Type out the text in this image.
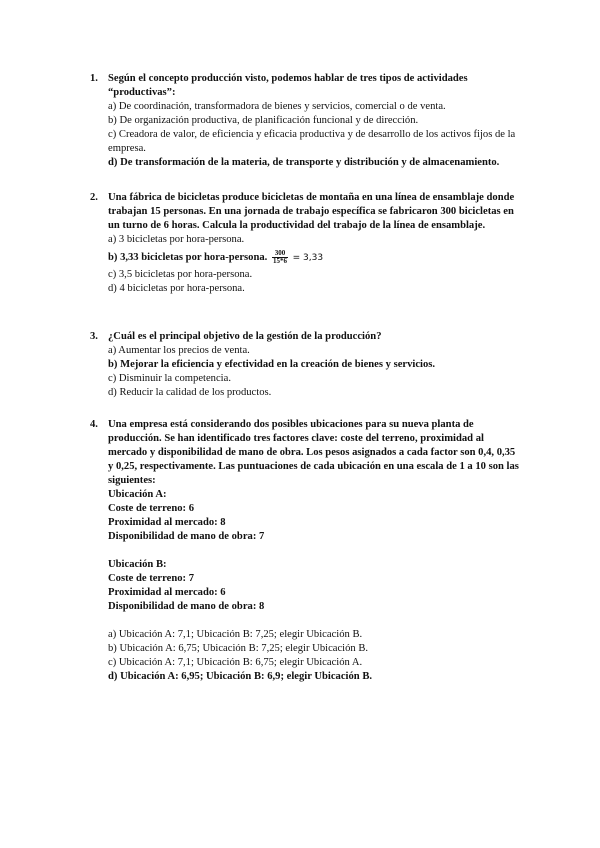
1. Según el concepto producción visto, podemos hablar de tres tipos de actividades “productivas”:
a) De coordinación, transformadora de bienes y servicios, comercial o de venta.
b) De organización productiva, de planificación funcional y de dirección.
c) Creadora de valor, de eficiencia y eficacia productiva y de desarrollo de los activos fijos de la empresa.
d) De transformación de la materia, de transporte y distribución y de almacenamiento.
2. Una fábrica de bicicletas produce bicicletas de montaña en una línea de ensamblaje donde trabajan 15 personas. En una jornada de trabajo específica se fabricaron 300 bicicletas en un turno de 6 horas. Calcula la productividad del trabajo de la línea de ensamblaje.
a) 3 bicicletas por hora-persona.
b) 3,33 bicicletas por hora-persona. $\frac{300}{15*6} = 3,33$
c) 3,5 bicicletas por hora-persona.
d) 4 bicicletas por hora-persona.
3. ¿Cuál es el principal objetivo de la gestión de la producción?
a) Aumentar los precios de venta.
b) Mejorar la eficiencia y efectividad en la creación de bienes y servicios.
c) Disminuir la competencia.
d) Reducir la calidad de los productos.
4. Una empresa está considerando dos posibles ubicaciones para su nueva planta de producción. Se han identificado tres factores clave: coste del terreno, proximidad al mercado y disponibilidad de mano de obra. Los pesos asignados a cada factor son 0,4, 0,35 y 0,25, respectivamente. Las puntuaciones de cada ubicación en una escala de 1 a 10 son las siguientes:
Ubicación A:
Coste de terreno: 6
Proximidad al mercado: 8
Disponibilidad de mano de obra: 7
Ubicación B:
Coste de terreno: 7
Proximidad al mercado: 6
Disponibilidad de mano de obra: 8
a) Ubicación A: 7,1; Ubicación B: 7,25; elegir Ubicación B.
b) Ubicación A: 6,75; Ubicación B: 7,25; elegir Ubicación B.
c) Ubicación A: 7,1; Ubicación B: 6,75; elegir Ubicación A.
d) Ubicación A: 6,95; Ubicación B: 6,9; elegir Ubicación B.
